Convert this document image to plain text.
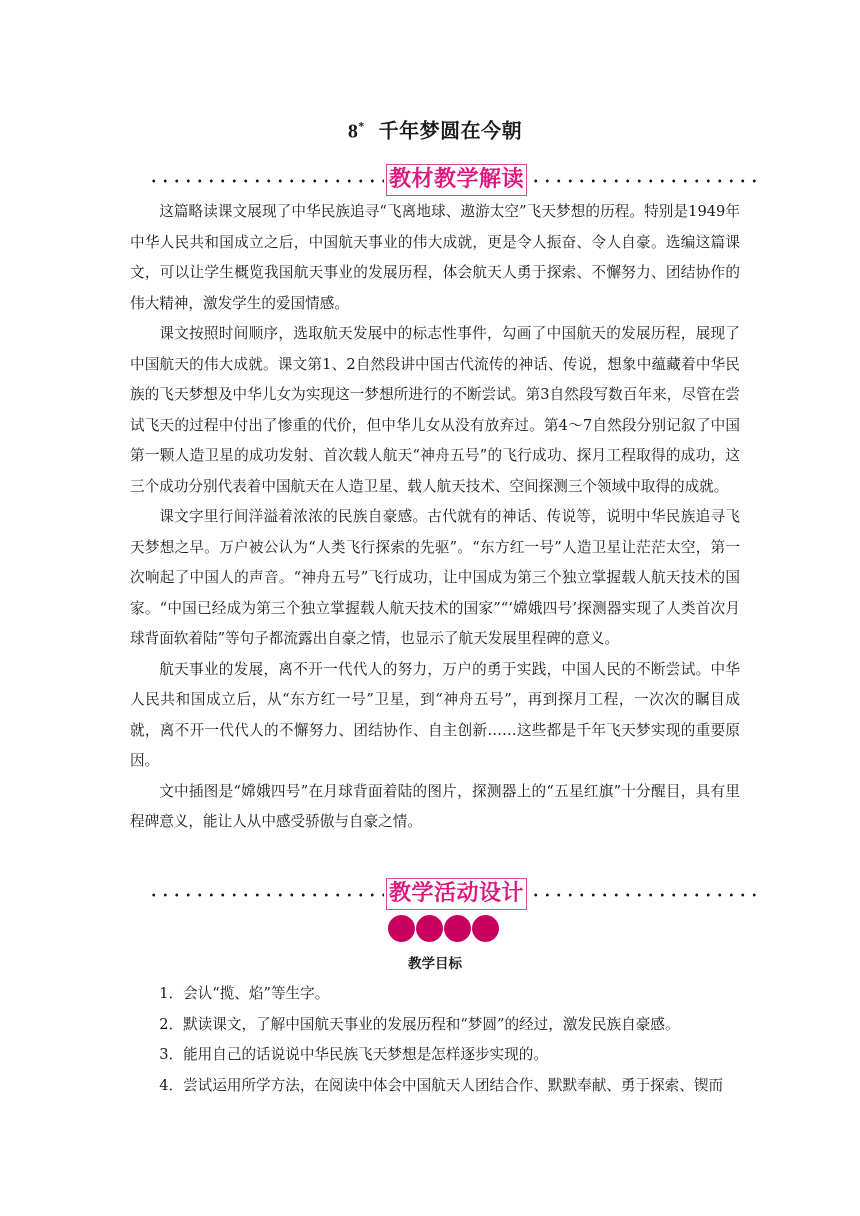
8* 千年梦圆在今朝
教材教学解读

这篇略读课文展现了中华民族追寻“飞离地球、遨游太空”飞天梦想的历程。特别是1949年中华人民共和国成立之后，中国航天事业的伟大成就，更是令人振奋、令人自豪。选编这篇课文，可以让学生概览我国航天事业的发展历程，体会航天人勇于探索、不懈努力、团结协作的伟大精神，激发学生的爱国情感。

课文按照时间顺序，选取航天发展中的标志性事件，勾画了中国航天的发展历程，展现了中国航天的伟大成就。课文第1、2自然段讲中国古代流传的神话、传说，想象中蕴藏着中华民族的飞天梦想及中华儿女为实现这一梦想所进行的不断尝试。第3自然段写数百年来，尽管在尝试飞天的过程中付出了惨重的代价，但中华儿女从没有放弃过。第4～7自然段分别记叙了中国第一颗人造卫星的成功发射、首次载人航天“神舟五号”的飞行成功、探月工程取得的成功，这三个成功分别代表着中国航天在人造卫星、载人航天技术、空间探测三个领域中取得的成就。

课文字里行间洋溢着浓浓的民族自豪感。古代就有的神话、传说等，说明中华民族追寻飞天梦想之早。万户被公认为“人类飞行探索的先驱”。“东方红一号”人造卫星让茫茫太空，第一次响起了中国人的声音。“神舟五号”飞行成功，让中国成为第三个独立掌握载人航天技术的国家。“中国已经成为第三个独立掌握载人航天技术的国家”“‘嫦娥四号’探测器实现了人类首次月球背面软着陆”等句子都流露出自豪之情，也显示了航天发展里程碑的意义。

航天事业的发展，离不开一代代人的努力，万户的勇于实践，中国人民的不断尝试。中华人民共和国成立后，从“东方红一号”卫星，到“神舟五号”，再到探月工程，一次次的瞩目成就，离不开一代代人的不懈努力、团结协作、自主创新……这些都是千年飞天梦实现的重要原因。

文中插图是“嫦娥四号”在月球背面着陆的图片，探测器上的“五星红旗”十分醒目，具有里程碑意义，能让人从中感受骄傲与自豪之情。

教学活动设计
教学目标
1．会认“揽、焰”等生字。
2．默读课文，了解中国航天事业的发展历程和“梦圆”的经过，激发民族自豪感。
3．能用自己的话说说中华民族飞天梦想是怎样逐步实现的。
4．尝试运用所学方法，在阅读中体会中国航天人团结合作、默默奉献、勇于探索、锲而
